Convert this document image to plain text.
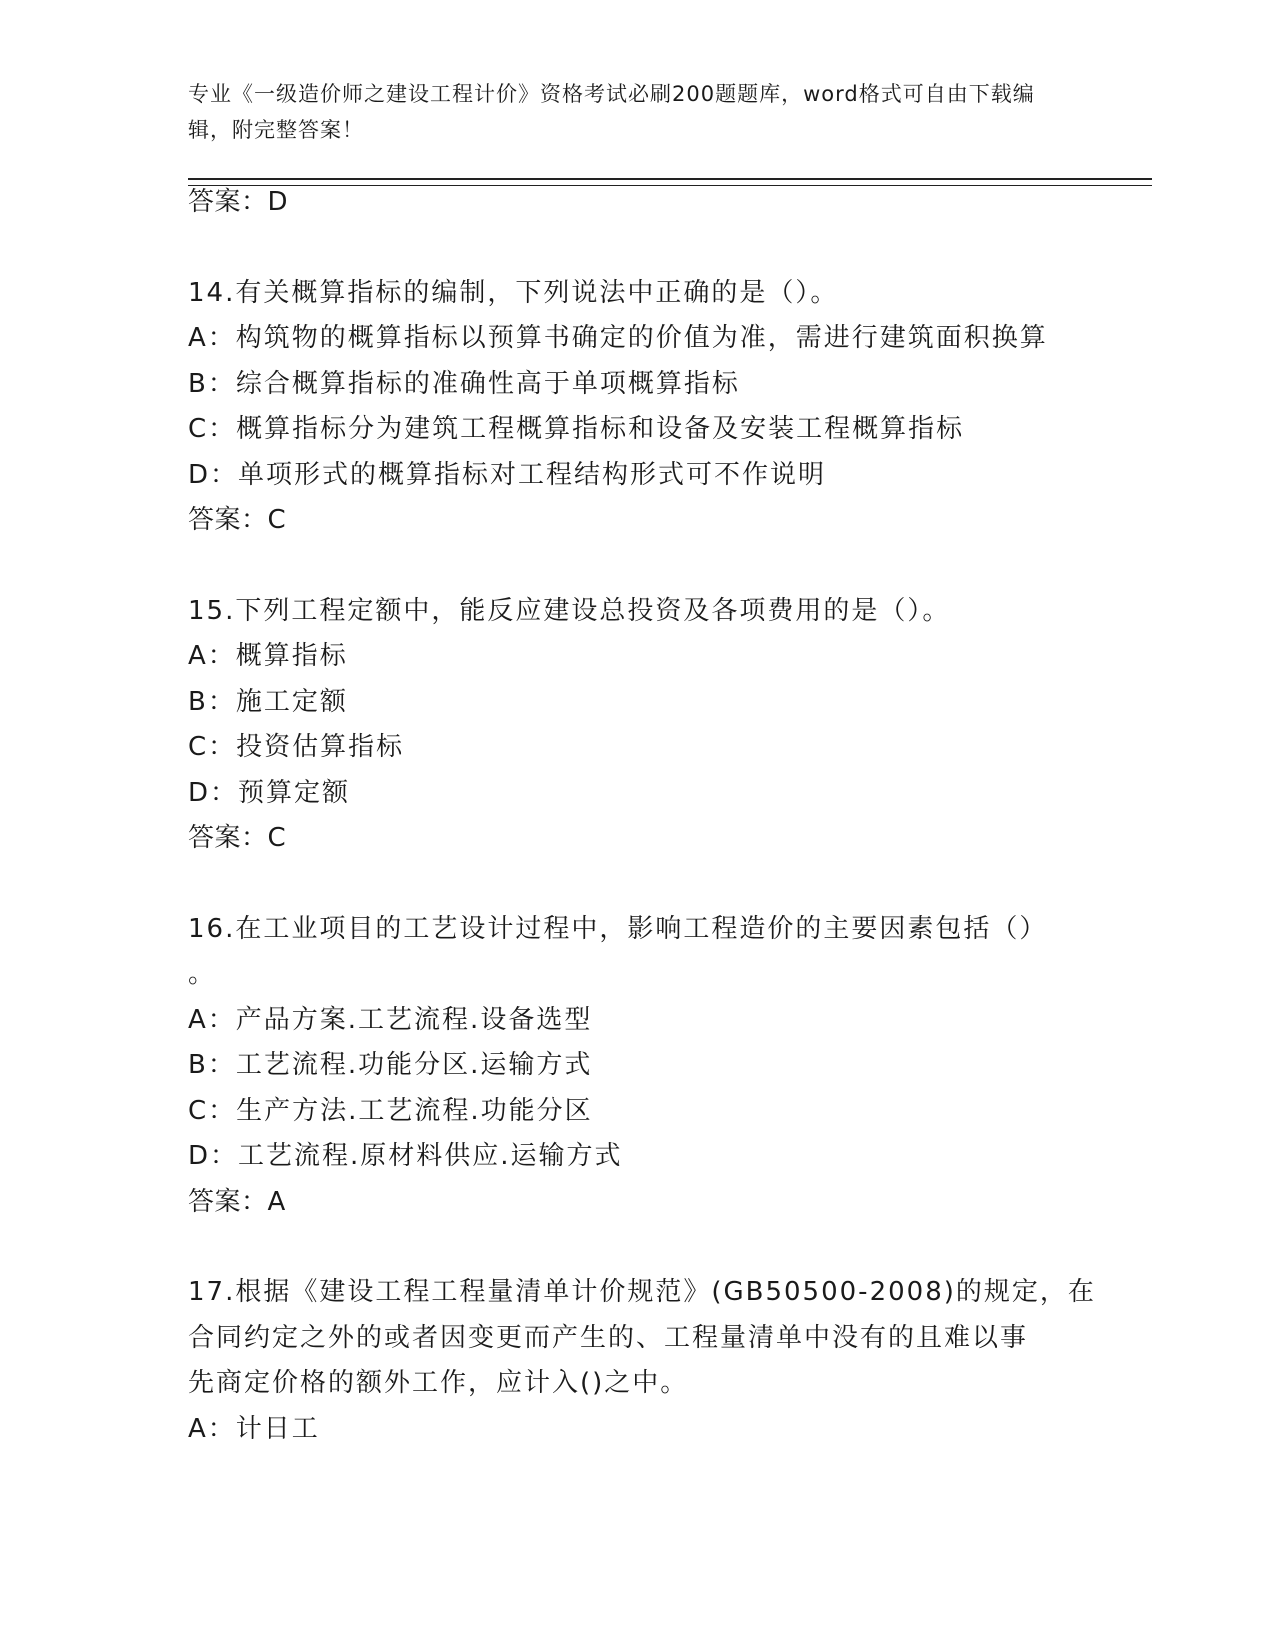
专业《一级造价师之建设工程计价》资格考试必刷200题题库，word格式可自由下载编辑，附完整答案！
答案：D
14.有关概算指标的编制，下列说法中正确的是（）。
A：构筑物的概算指标以预算书确定的价值为准，需进行建筑面积换算
B：综合概算指标的准确性高于单项概算指标
C：概算指标分为建筑工程概算指标和设备及安装工程概算指标
D：单项形式的概算指标对工程结构形式可不作说明
答案：C
15.下列工程定额中，能反应建设总投资及各项费用的是（）。
A：概算指标
B：施工定额
C：投资估算指标
D：预算定额
答案：C
16.在工业项目的工艺设计过程中，影响工程造价的主要因素包括（）
。
A：产品方案.工艺流程.设备选型
B：工艺流程.功能分区.运输方式
C：生产方法.工艺流程.功能分区
D：工艺流程.原材料供应.运输方式
答案：A
17.根据《建设工程工程量清单计价规范》(GB50500-2008)的规定，在
合同约定之外的或者因变更而产生的、工程量清单中没有的且难以事
先商定价格的额外工作，应计入()之中。
A：计日工
